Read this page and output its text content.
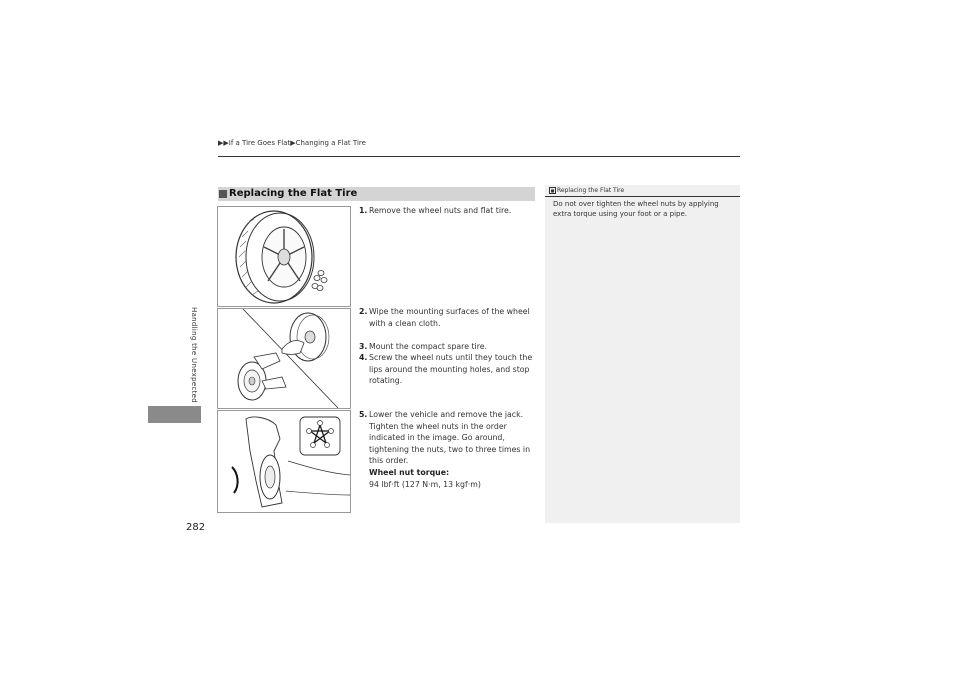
▶▶If a Tire Goes Flat▶Changing a Flat Tire
Handling the Unexpected
282
Replacing the Flat Tire
1. Remove the wheel nuts and flat tire.
2. Wipe the mounting surfaces of the wheel with a clean cloth.
3. Mount the compact spare tire.
4. Screw the wheel nuts until they touch the lips around the mounting holes, and stop rotating.
5. Lower the vehicle and remove the jack. Tighten the wheel nuts in the order indicated in the image. Go around, tightening the nuts, two to three times in this order.
Wheel nut torque:
94 lbf·ft (127 N·m, 13 kgf·m)
■ Replacing the Flat Tire
Do not over tighten the wheel nuts by applying extra torque using your foot or a pipe.
